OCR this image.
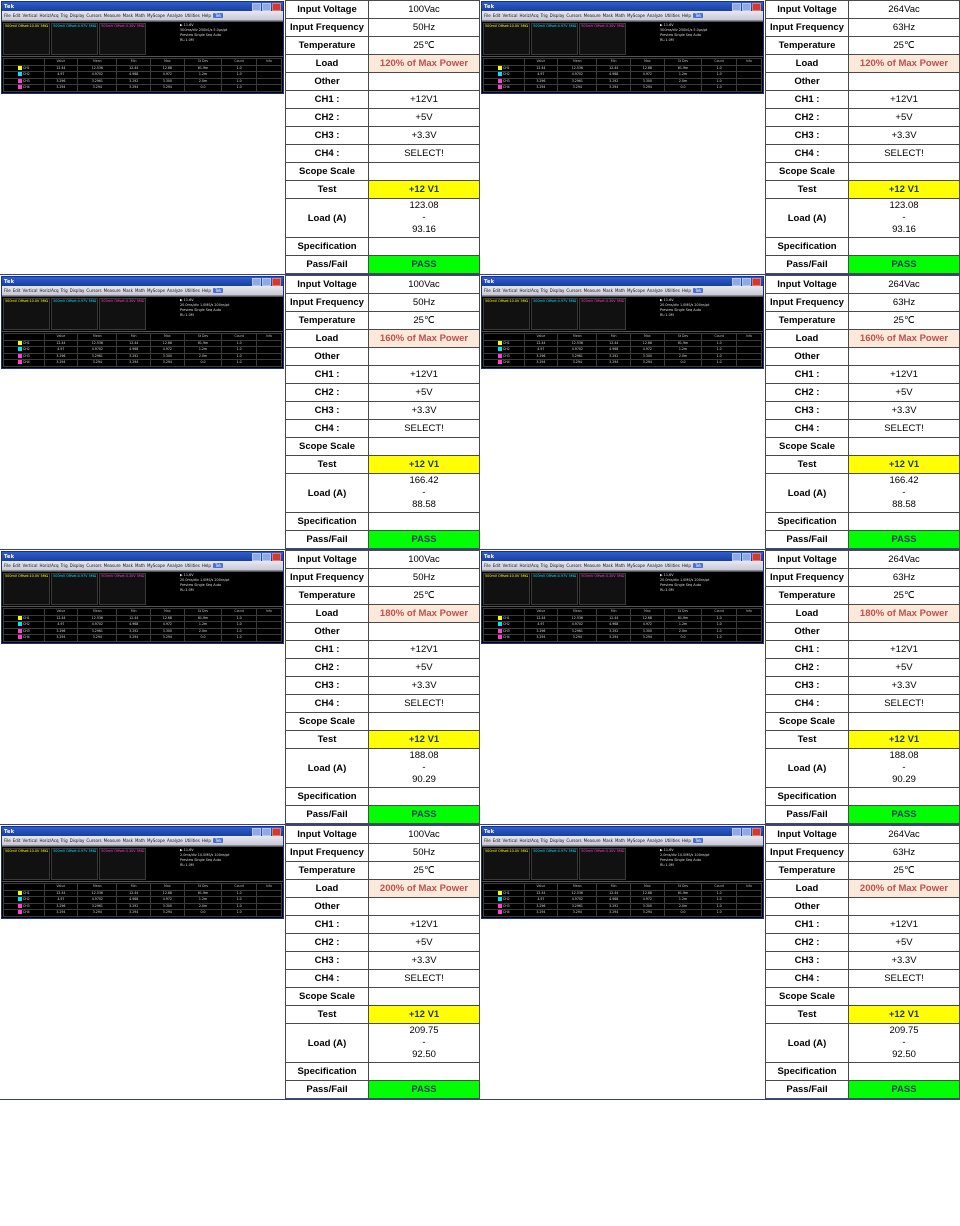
Tek
File Edit Vertical Horiz/Acq Trig Display Cursors Measure Mask Math MyScope Analyze Utilities Help	Tek
500mV Offset:10.0V 5MΩ	500mV Offset:4.97V 5MΩ	500mV Offset:3.30V 5MΩ	▶ 11.6V
500ms/div 250kS/s 5.0µs/pt
Preview Single Seq Auto
RL:1.0M
	Value	Mean	Min	Max	St Dev	Count	Info
CH1	12.44	12.536	12.44	12.68	61.9m	1.0	
CH2	4.97	4.9702	4.968	4.972	1.2m	1.0	
CH3	3.296	3.2961	3.292	3.300	2.0m	1.0	
CH4	3.294	3.294	3.294	3.294	0.0	1.0	
Input Voltage	100Vac
Input Frequency	50Hz
Temperature	25℃
Load	120% of Max Power
Other	
CH1 :	+12V1
CH2 :	+5V
CH3 :	+3.3V
CH4 :	SELECT!
Scope Scale	
Test	+12 V1
Load (A)	123.08
-
93.16

Specification	
Pass/Fail	PASS
Tek
File Edit Vertical Horiz/Acq Trig Display Cursors Measure Mask Math MyScope Analyze Utilities Help	Tek
500mV Offset:10.0V 5MΩ	500mV Offset:4.97V 5MΩ	500mV Offset:3.30V 5MΩ	▶ 11.6V
500ms/div 250kS/s 5.0µs/pt
Preview Single Seq Auto
RL:1.0M
	Value	Mean	Min	Max	St Dev	Count	Info
CH1	12.44	12.536	12.44	12.68	61.9m	1.0	
CH2	4.97	4.9702	4.968	4.972	1.2m	1.0	
CH3	3.296	3.2961	3.292	3.300	2.0m	1.0	
CH4	3.294	3.294	3.294	3.294	0.0	1.0	
Input Voltage	264Vac
Input Frequency	63Hz
Temperature	25℃
Load	120% of Max Power
Other	
CH1 :	+12V1
CH2 :	+5V
CH3 :	+3.3V
CH4 :	SELECT!
Scope Scale	
Test	+12 V1
Load (A)	123.08
-
93.16

Specification	
Pass/Fail	PASS
Tek
File Edit Vertical Horiz/Acq Trig Display Cursors Measure Mask Math MyScope Analyze Utilities Help	Tek
500mV Offset:10.0V 5MΩ	500mV Offset:4.97V 5MΩ	500mV Offset:3.30V 5MΩ	▶ 11.6V
20.0ms/div 1.0MS/s 200ns/pt
Preview Single Seq Auto
RL:1.0M
	Value	Mean	Min	Max	St Dev	Count	Info
CH1	12.44	12.536	12.44	12.68	61.9m	1.0	
CH2	4.97	4.9702	4.968	4.972	1.2m	1.0	
CH3	3.296	3.2961	3.292	3.300	2.0m	1.0	
CH4	3.294	3.294	3.294	3.294	0.0	1.0	
Input Voltage	100Vac
Input Frequency	50Hz
Temperature	25℃
Load	160% of Max Power
Other	
CH1 :	+12V1
CH2 :	+5V
CH3 :	+3.3V
CH4 :	SELECT!
Scope Scale	
Test	+12 V1
Load (A)	166.42
-
88.58

Specification	
Pass/Fail	PASS
Tek
File Edit Vertical Horiz/Acq Trig Display Cursors Measure Mask Math MyScope Analyze Utilities Help	Tek
500mV Offset:10.0V 5MΩ	500mV Offset:4.97V 5MΩ	500mV Offset:3.30V 5MΩ	▶ 11.6V
20.0ms/div 1.0MS/s 200ns/pt
Preview Single Seq Auto
RL:1.0M
	Value	Mean	Min	Max	St Dev	Count	Info
CH1	12.44	12.536	12.44	12.68	61.9m	1.0	
CH2	4.97	4.9702	4.968	4.972	1.2m	1.0	
CH3	3.296	3.2961	3.292	3.300	2.0m	1.0	
CH4	3.294	3.294	3.294	3.294	0.0	1.0	
Input Voltage	264Vac
Input Frequency	63Hz
Temperature	25℃
Load	160% of Max Power
Other	
CH1 :	+12V1
CH2 :	+5V
CH3 :	+3.3V
CH4 :	SELECT!
Scope Scale	
Test	+12 V1
Load (A)	166.42
-
88.58

Specification	
Pass/Fail	PASS
Tek
File Edit Vertical Horiz/Acq Trig Display Cursors Measure Mask Math MyScope Analyze Utilities Help	Tek
500mV Offset:10.0V 5MΩ	500mV Offset:4.97V 5MΩ	500mV Offset:3.30V 5MΩ	▶ 11.6V
20.0ms/div 1.0MS/s 200ns/pt
Preview Single Seq Auto
RL:1.0M
	Value	Mean	Min	Max	St Dev	Count	Info
CH1	12.44	12.536	12.44	12.68	61.9m	1.0	
CH2	4.97	4.9702	4.968	4.972	1.2m	1.0	
CH3	3.296	3.2961	3.292	3.300	2.0m	1.0	
CH4	3.294	3.294	3.294	3.294	0.0	1.0	
Input Voltage	100Vac
Input Frequency	50Hz
Temperature	25℃
Load	180% of Max Power
Other	
CH1 :	+12V1
CH2 :	+5V
CH3 :	+3.3V
CH4 :	SELECT!
Scope Scale	
Test	+12 V1
Load (A)	188.08
-
90.29

Specification	
Pass/Fail	PASS
Tek
File Edit Vertical Horiz/Acq Trig Display Cursors Measure Mask Math MyScope Analyze Utilities Help	Tek
500mV Offset:10.0V 5MΩ	500mV Offset:4.97V 5MΩ	500mV Offset:3.30V 5MΩ	▶ 11.6V
20.0ms/div 1.0MS/s 200ns/pt
Preview Single Seq Auto
RL:1.0M
	Value	Mean	Min	Max	St Dev	Count	Info
CH1	12.44	12.536	12.44	12.68	61.9m	1.0	
CH2	4.97	4.9702	4.968	4.972	1.2m	1.0	
CH3	3.296	3.2961	3.292	3.300	2.0m	1.0	
CH4	3.294	3.294	3.294	3.294	0.0	1.0	
Input Voltage	264Vac
Input Frequency	63Hz
Temperature	25℃
Load	180% of Max Power
Other	
CH1 :	+12V1
CH2 :	+5V
CH3 :	+3.3V
CH4 :	SELECT!
Scope Scale	
Test	+12 V1
Load (A)	188.08
-
90.29

Specification	
Pass/Fail	PASS
Tek
File Edit Vertical Horiz/Acq Trig Display Cursors Measure Mask Math MyScope Analyze Utilities Help	Tek
500mV Offset:10.0V 5MΩ	500mV Offset:4.97V 5MΩ	500mV Offset:3.30V 5MΩ	▶ 11.6V
2.0ms/div 10.0MS/s 100ns/pt
Preview Single Seq Auto
RL:1.0M
	Value	Mean	Min	Max	St Dev	Count	Info
CH1	12.44	12.536	12.44	12.68	61.9m	1.0	
CH2	4.97	4.9702	4.968	4.972	1.2m	1.0	
CH3	3.296	3.2961	3.292	3.300	2.0m	1.0	
CH4	3.294	3.294	3.294	3.294	0.0	1.0	
Input Voltage	100Vac
Input Frequency	50Hz
Temperature	25℃
Load	200% of Max Power
Other	
CH1 :	+12V1
CH2 :	+5V
CH3 :	+3.3V
CH4 :	SELECT!
Scope Scale	
Test	+12 V1
Load (A)	209.75
-
92.50

Specification	
Pass/Fail	PASS
Tek
File Edit Vertical Horiz/Acq Trig Display Cursors Measure Mask Math MyScope Analyze Utilities Help	Tek
500mV Offset:10.0V 5MΩ	500mV Offset:4.97V 5MΩ	500mV Offset:3.30V 5MΩ	▶ 11.6V
2.0ms/div 10.0MS/s 100ns/pt
Preview Single Seq Auto
RL:1.0M
	Value	Mean	Min	Max	St Dev	Count	Info
CH1	12.44	12.536	12.44	12.68	61.9m	1.0	
CH2	4.97	4.9702	4.968	4.972	1.2m	1.0	
CH3	3.296	3.2961	3.292	3.300	2.0m	1.0	
CH4	3.294	3.294	3.294	3.294	0.0	1.0	
Input Voltage	264Vac
Input Frequency	63Hz
Temperature	25℃
Load	200% of Max Power
Other	
CH1 :	+12V1
CH2 :	+5V
CH3 :	+3.3V
CH4 :	SELECT!
Scope Scale	
Test	+12 V1
Load (A)	209.75
-
92.50

Specification	
Pass/Fail	PASS
